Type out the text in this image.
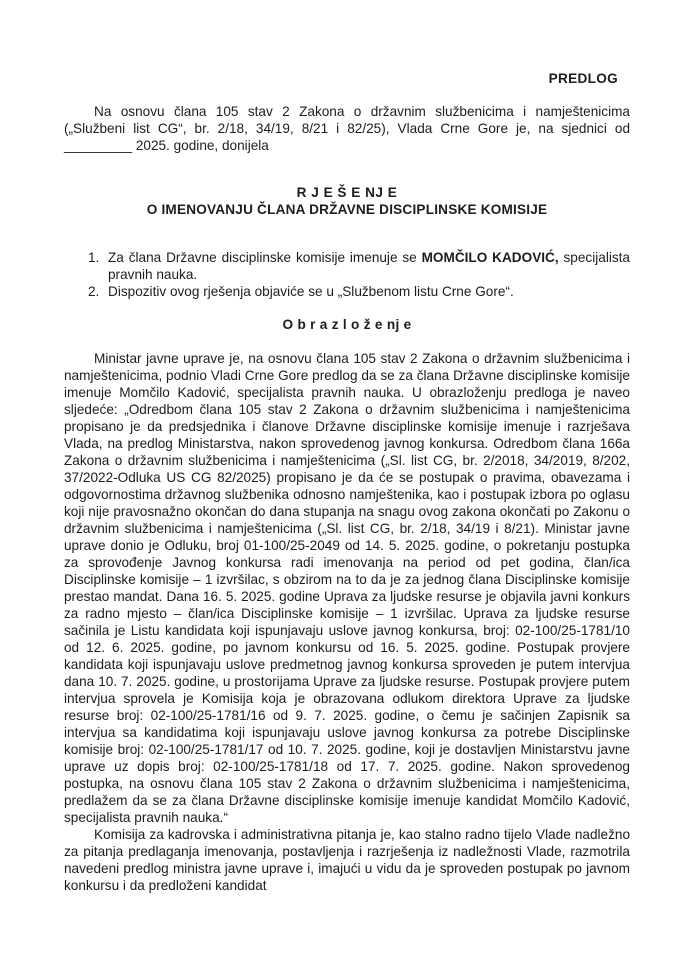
PREDLOG

Na osnovu člana 105 stav 2 Zakona o državnim službenicima i namještenicima („Službeni list CG“, br. 2/18, 34/19, 8/21 i 82/25), Vlada Crne Gore je, na sjednici od _________ 2025. godine, donijela

R J E Š E NJ E
O IMENOVANJU ČLANA DRŽAVNE DISCIPLINSKE KOMISIJE
1. Za člana Državne disciplinske komisije imenuje se MOMČILO KADOVIĆ, specijalista pravnih nauka.
2. Dispozitiv ovog rješenja objaviće se u „Službenom listu Crne Gore“.

O b r a z l o ž e nj e

Ministar javne uprave je, na osnovu člana 105 stav 2 Zakona o državnim službenicima i namještenicima, podnio Vladi Crne Gore predlog da se za člana Državne disciplinske komisije imenuje Momčilo Kadović, specijalista pravnih nauka. U obrazloženju predloga je naveo sljedeće: „Odredbom člana 105 stav 2 Zakona o državnim službenicima i namještenicima propisano je da predsjednika i članove Državne disciplinske komisije imenuje i razrješava Vlada, na predlog Ministarstva, nakon sprovedenog javnog konkursa. Odredbom člana 166a Zakona o državnim službenicima i namještenicima („Sl. list CG, br. 2/2018, 34/2019, 8/202, 37/2022-Odluka US CG 82/2025) propisano je da će se postupak o pravima, obavezama i odgovornostima državnog službenika odnosno namještenika, kao i postupak izbora po oglasu koji nije pravosnažno okončan do dana stupanja na snagu ovog zakona okončati po Zakonu o državnim službenicima i namještenicima („Sl. list CG, br. 2/18, 34/19 i 8/21). Ministar javne uprave donio je Odluku, broj 01-100/25-2049 od 14. 5. 2025. godine, o pokretanju postupka za sprovođenje Javnog konkursa radi imenovanja na period od pet godina, član/ica Disciplinske komisije – 1 izvršilac, s obzirom na to da je za jednog člana Disciplinske komisije prestao mandat. Dana 16. 5. 2025. godine Uprava za ljudske resurse je objavila javni konkurs za radno mjesto – član/ica Disciplinske komisije – 1 izvršilac. Uprava za ljudske resurse sačinila je Listu kandidata koji ispunjavaju uslove javnog konkursa, broj: 02-100/25-1781/10 od 12. 6. 2025. godine, po javnom konkursu od 16. 5. 2025. godine. Postupak provjere kandidata koji ispunjavaju uslove predmetnog javnog konkursa sproveden je putem intervjua dana 10. 7. 2025. godine, u prostorijama Uprave za ljudske resurse. Postupak provjere putem intervjua sprovela je Komisija koja je obrazovana odlukom direktora Uprave za ljudske resurse broj: 02-100/25-1781/16 od 9. 7. 2025. godine, o čemu je sačinjen Zapisnik sa intervjua sa kandidatima koji ispunjavaju uslove javnog konkursa za potrebe Disciplinske komisije broj: 02-100/25-1781/17 od 10. 7. 2025. godine, koji je dostavljen Ministarstvu javne uprave uz dopis broj: 02-100/25-1781/18 od 17. 7. 2025. godine. Nakon sprovedenog postupka, na osnovu člana 105 stav 2 Zakona o državnim službenicima i namještenicima, predlažem da se za člana Državne disciplinske komisije imenuje kandidat Momčilo Kadović, specijalista pravnih nauka.“

Komisija za kadrovska i administrativna pitanja je, kao stalno radno tijelo Vlade nadležno za pitanja predlaganja imenovanja, postavljenja i razrješenja iz nadležnosti Vlade, razmotrila navedeni predlog ministra javne uprave i, imajući u vidu da je sproveden postupak po javnom konkursu i da predloženi kandidat
